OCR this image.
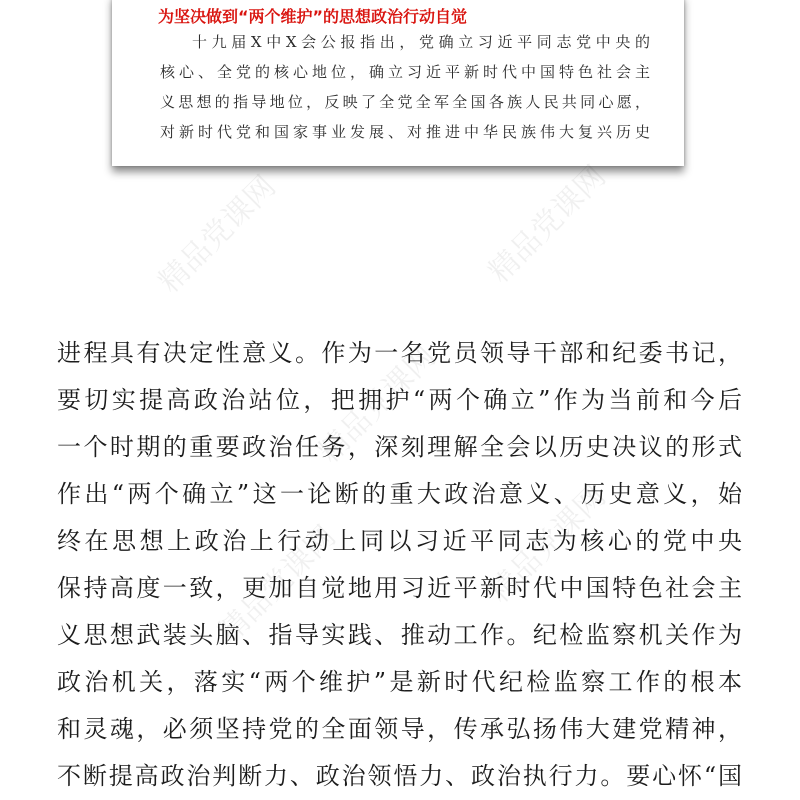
为坚决做到“两个维护”的思想政治行动自觉
十九届X中X会公报指出，党确立习近平同志党中央的
核心、全党的核心地位，确立习近平新时代中国特色社会主
义思想的指导地位，反映了全党全军全国各族人民共同心愿，
对新时代党和国家事业发展、对推进中华民族伟大复兴历史
进程具有决定性意义。作为一名党员领导干部和纪委书记，
要切实提高政治站位，把拥护“两个确立”作为当前和今后
一个时期的重要政治任务，深刻理解全会以历史决议的形式
作出“两个确立”这一论断的重大政治意义、历史意义，始
终在思想上政治上行动上同以习近平同志为核心的党中央
保持高度一致，更加自觉地用习近平新时代中国特色社会主
义思想武装头脑、指导实践、推动工作。纪检监察机关作为
政治机关，落实“两个维护”是新时代纪检监察工作的根本
和灵魂，必须坚持党的全面领导，传承弘扬伟大建党精神，
不断提高政治判断力、政治领悟力、政治执行力。要心怀“国
精品党课网	精品党课网
精品党课网
精品党课网	精品党课网
